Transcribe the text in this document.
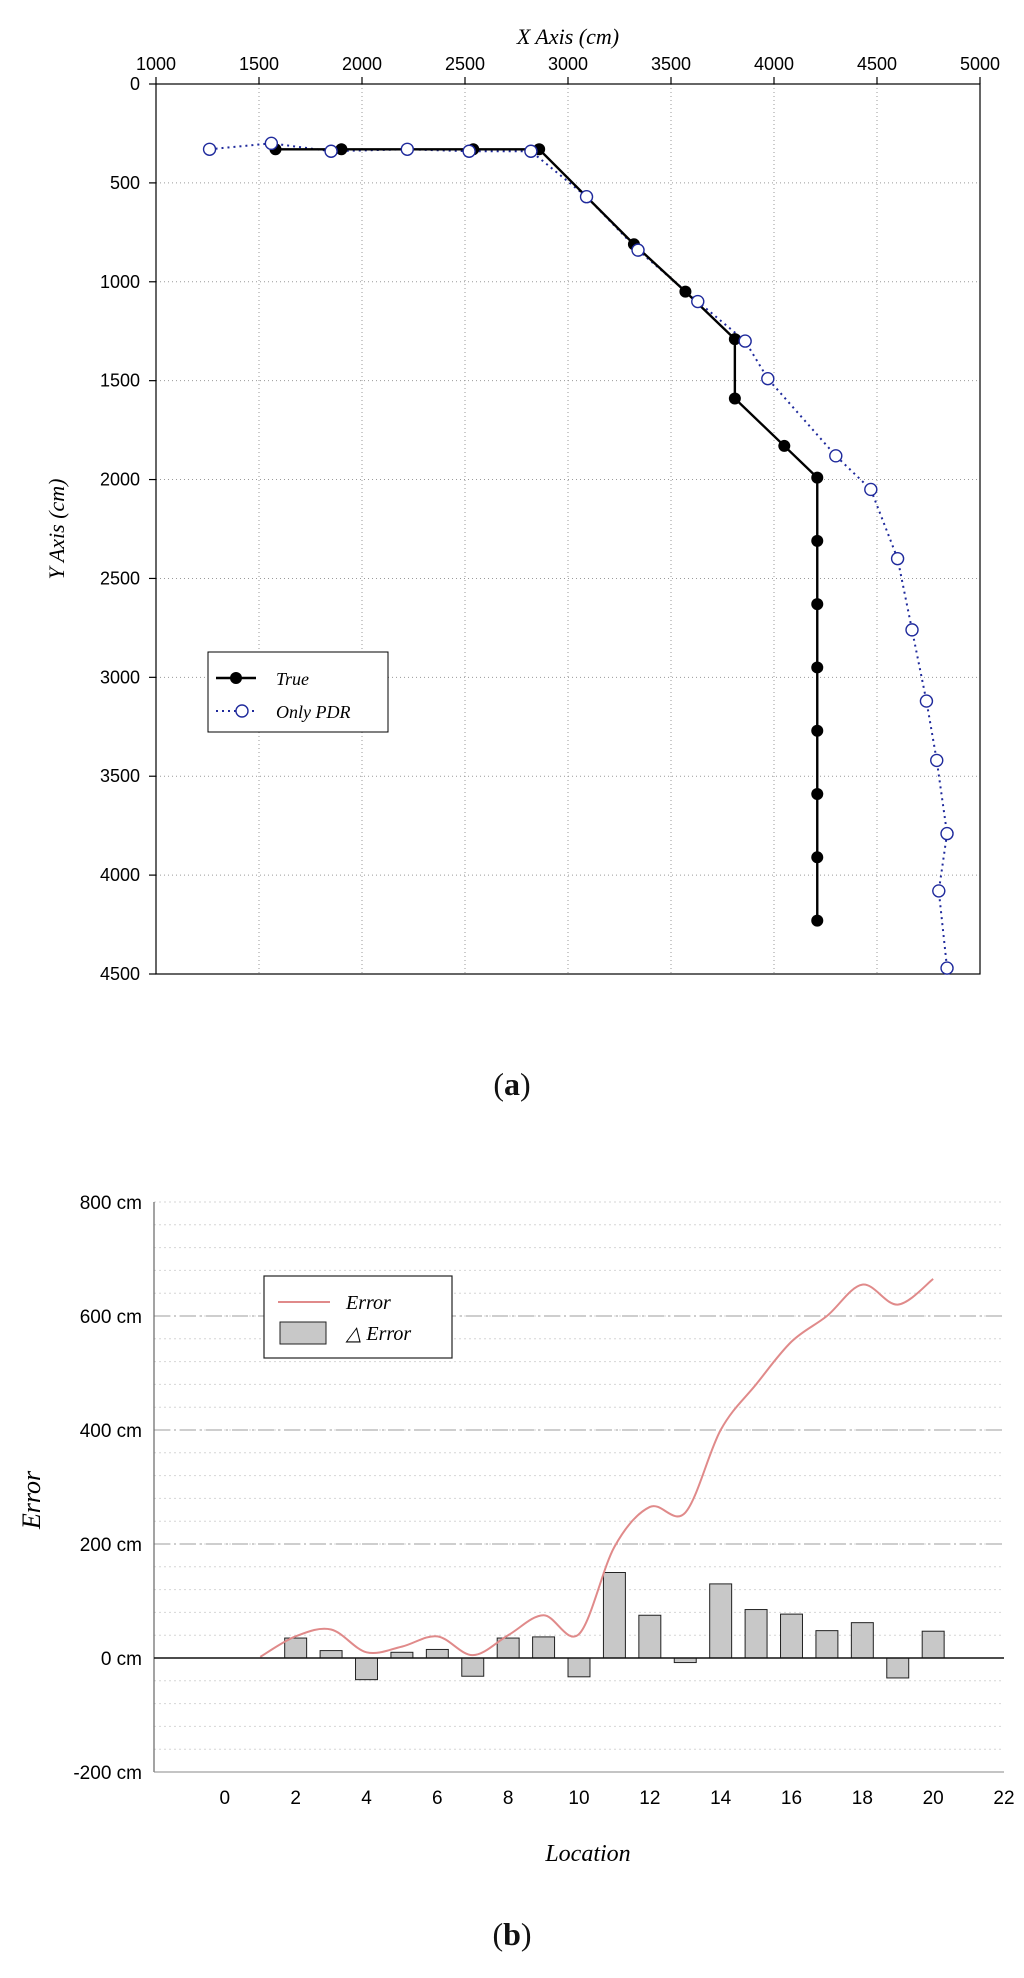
1000	1500	2000	2500	3000	3500	4000	4500	5000
0
500
1000
1500
2000
2500
3000
3500
4000
4500
X Axis (cm)
Y Axis (cm)
True
Only PDR
(a)
-200 cm
0 cm
200 cm
400 cm
600 cm
800 cm
0	2	4	6	8	10	12	14	16	18	20	22
Location
Error
Error
△ Error
(b)
